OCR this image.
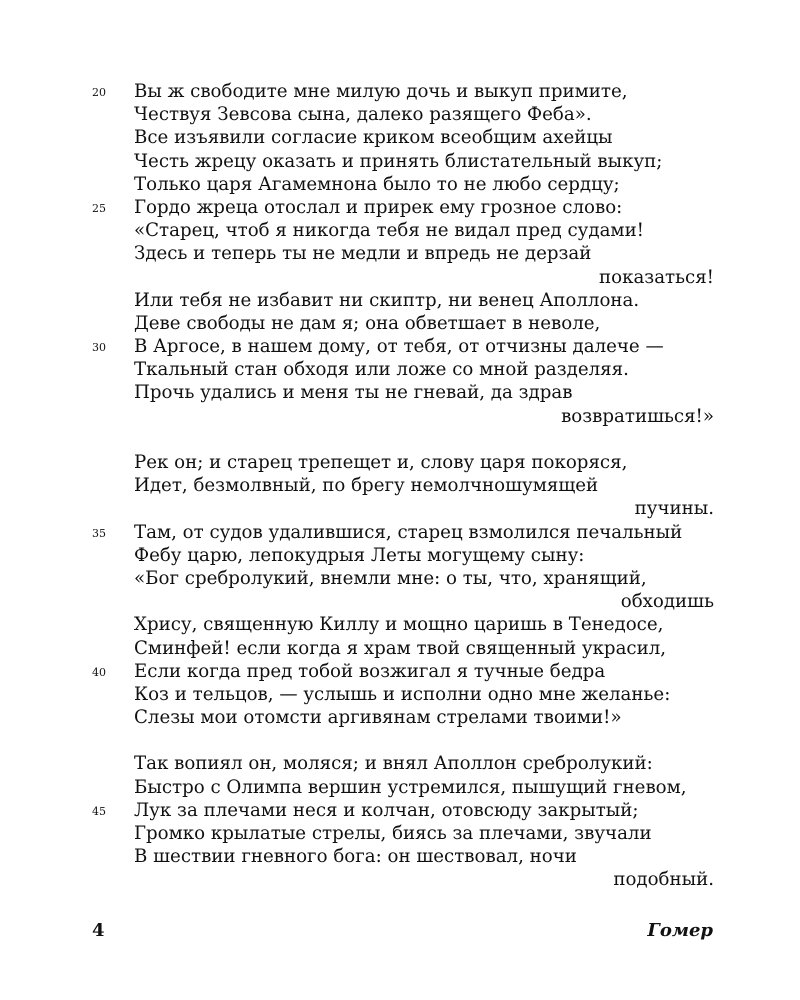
20 Вы ж свободите мне милую дочь и выкуп примите,
Чествуя Зевсова сына, далеко разящего Феба».
Все изъявили согласие криком всеобщим ахейцы
Честь жрецу оказать и принять блистательный выкуп;
Только царя Агамемнона было то не любо сердцу;
25 Гордо жреца отослал и прирек ему грозное слово:
«Старец, чтоб я никогда тебя не видал пред судами!
Здесь и теперь ты не медли и впредь не дерзай
показаться!
Или тебя не избавит ни скиптр, ни венец Аполлона.
Деве свободы не дам я; она обветшает в неволе,
30 В Аргосе, в нашем дому, от тебя, от отчизны далече —
Ткальный стан обходя или ложе со мной разделяя.
Прочь удались и меня ты не гневай, да здрав
возвратишься!»
Рек он; и старец трепещет и, слову царя покоряся,
Идет, безмолвный, по брегу немолчношумящей
пучины.
35 Там, от судов удалившися, старец взмолился печальный
Фебу царю, лепокудрыя Леты могущему сыну:
«Бог сребролукий, внемли мне: о ты, что, хранящий,
обходишь
Хрису, священную Киллу и мощно царишь в Тенедосе,
Сминфей! если когда я храм твой священный украсил,
40 Если когда пред тобой возжигал я тучные бедра
Коз и тельцов, — услышь и исполни одно мне желанье:
Слезы мои отомсти аргивянам стрелами твоими!»
Так вопиял он, моляся; и внял Аполлон сребролукий:
Быстро с Олимпа вершин устремился, пышущий гневом,
45 Лук за плечами неся и колчан, отовсюду закрытый;
Громко крылатые стрелы, биясь за плечами, звучали
В шествии гневного бога: он шествовал, ночи
подобный.
4	Гомер
